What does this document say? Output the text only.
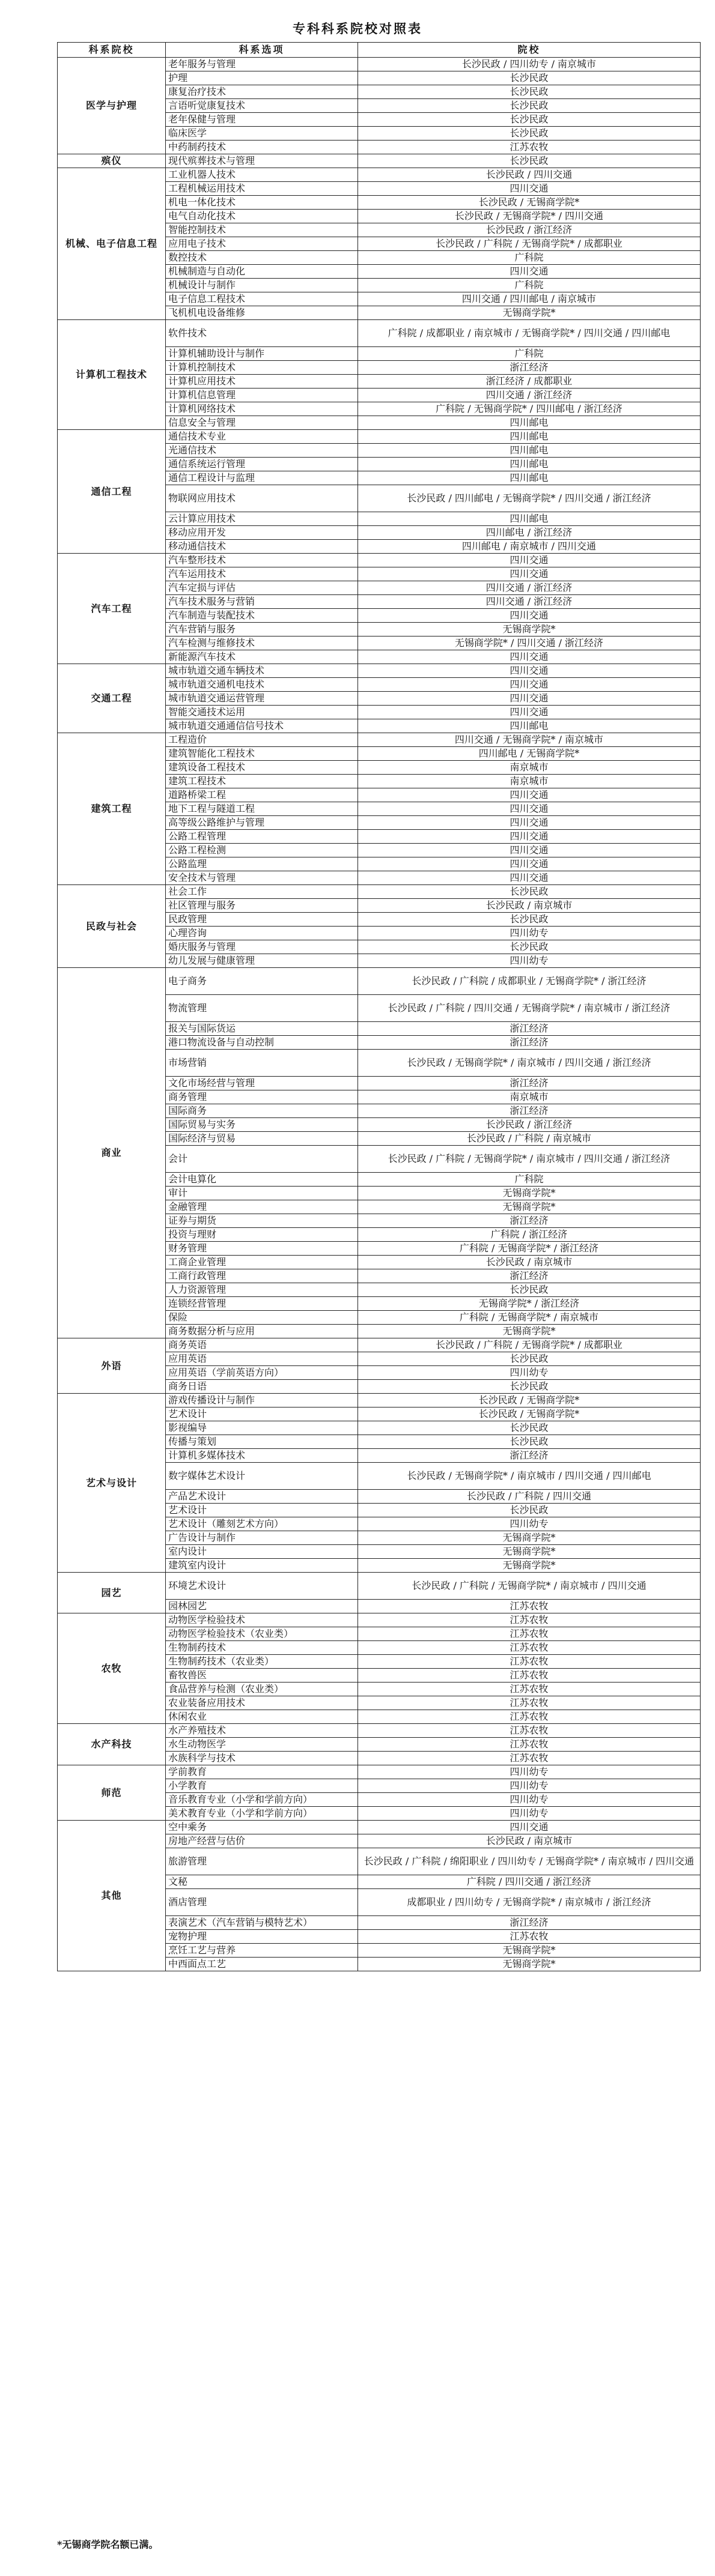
专科科系院校对照表
科系院校	科系选项	院校
医学与护理	老年服务与管理	长沙民政 / 四川幼专 / 南京城市
	护理	长沙民政
	康复治疗技术	长沙民政
	言语听觉康复技术	长沙民政
	老年保健与管理	长沙民政
	临床医学	长沙民政
	中药制药技术	江苏农牧
殡仪	现代殡葬技术与管理	长沙民政
机械、电子信息工程	工业机器人技术	长沙民政 / 四川交通
	工程机械运用技术	四川交通
	机电一体化技术	长沙民政 / 无锡商学院*
	电气自动化技术	长沙民政 / 无锡商学院* / 四川交通
	智能控制技术	长沙民政 / 浙江经济
	应用电子技术	长沙民政 / 广科院 / 无锡商学院* / 成都职业
	数控技术	广科院
	机械制造与自动化	四川交通
	机械设计与制作	广科院
	电子信息工程技术	四川交通 / 四川邮电 / 南京城市
	飞机机电设备维修	无锡商学院*
计算机工程技术	软件技术	广科院 / 成都职业 / 南京城市 / 无锡商学院* / 四川交通 / 四川邮电
	计算机辅助设计与制作	广科院
	计算机控制技术	浙江经济
	计算机应用技术	浙江经济 / 成都职业
	计算机信息管理	四川交通 / 浙江经济
	计算机网络技术	广科院 / 无锡商学院* / 四川邮电 / 浙江经济
	信息安全与管理	四川邮电
通信工程	通信技术专业	四川邮电
	光通信技术	四川邮电
	通信系统运行管理	四川邮电
	通信工程设计与监理	四川邮电
	物联网应用技术	长沙民政 / 四川邮电 / 无锡商学院* / 四川交通 / 浙江经济
	云计算应用技术	四川邮电
	移动应用开发	四川邮电 / 浙江经济
	移动通信技术	四川邮电 / 南京城市 / 四川交通
汽车工程	汽车整形技术	四川交通
	汽车运用技术	四川交通
	汽车定损与评估	四川交通 / 浙江经济
	汽车技术服务与营销	四川交通 / 浙江经济
	汽车制造与装配技术	四川交通
	汽车营销与服务	无锡商学院*
	汽车检测与维修技术	无锡商学院* / 四川交通 / 浙江经济
	新能源汽车技术	四川交通
交通工程	城市轨道交通车辆技术	四川交通
	城市轨道交通机电技术	四川交通
	城市轨道交通运营管理	四川交通
	智能交通技术运用	四川交通
	城市轨道交通通信信号技术	四川邮电
建筑工程	工程造价	四川交通 / 无锡商学院* / 南京城市
	建筑智能化工程技术	四川邮电 / 无锡商学院*
	建筑设备工程技术	南京城市
	建筑工程技术	南京城市
	道路桥梁工程	四川交通
	地下工程与隧道工程	四川交通
	高等级公路维护与管理	四川交通
	公路工程管理	四川交通
	公路工程检测	四川交通
	公路监理	四川交通
	安全技术与管理	四川交通
民政与社会	社会工作	长沙民政
	社区管理与服务	长沙民政 / 南京城市
	民政管理	长沙民政
	心理咨询	四川幼专
	婚庆服务与管理	长沙民政
	幼儿发展与健康管理	四川幼专
商业	电子商务	长沙民政 / 广科院 / 成都职业 / 无锡商学院* / 浙江经济
	物流管理	长沙民政 / 广科院 / 四川交通 / 无锡商学院* / 南京城市 / 浙江经济
	报关与国际货运	浙江经济
	港口物流设备与自动控制	浙江经济
	市场营销	长沙民政 / 无锡商学院* / 南京城市 / 四川交通 / 浙江经济
	文化市场经营与管理	浙江经济
	商务管理	南京城市
	国际商务	浙江经济
	国际贸易与实务	长沙民政 / 浙江经济
	国际经济与贸易	长沙民政 / 广科院 / 南京城市
	会计	长沙民政 / 广科院 / 无锡商学院* / 南京城市 / 四川交通 / 浙江经济
	会计电算化	广科院
	审计	无锡商学院*
	金融管理	无锡商学院*
	证券与期货	浙江经济
	投资与理财	广科院 / 浙江经济
	财务管理	广科院 / 无锡商学院* / 浙江经济
	工商企业管理	长沙民政 / 南京城市
	工商行政管理	浙江经济
	人力资源管理	长沙民政
	连锁经营管理	无锡商学院* / 浙江经济
	保险	广科院 / 无锡商学院* / 南京城市
	商务数据分析与应用	无锡商学院*
外语	商务英语	长沙民政 / 广科院 / 无锡商学院* / 成都职业
	应用英语	长沙民政
	应用英语（学前英语方向）	四川幼专
	商务日语	长沙民政
艺术与设计	游戏传播设计与制作	长沙民政 / 无锡商学院*
	艺术设计	长沙民政 / 无锡商学院*
	影视编导	长沙民政
	传播与策划	长沙民政
	计算机多媒体技术	浙江经济
	数字媒体艺术设计	长沙民政 / 无锡商学院* / 南京城市 / 四川交通 / 四川邮电
	产品艺术设计	长沙民政 / 广科院 / 四川交通
	艺术设计	长沙民政
	艺术设计（雕刻艺术方向）	四川幼专
	广告设计与制作	无锡商学院*
	室内设计	无锡商学院*
	建筑室内设计	无锡商学院*
园艺	环境艺术设计	长沙民政 / 广科院 / 无锡商学院* / 南京城市 / 四川交通
	园林园艺	江苏农牧
农牧	动物医学检验技术	江苏农牧
	动物医学检验技术（农业类）	江苏农牧
	生物制药技术	江苏农牧
	生物制药技术（农业类）	江苏农牧
	畜牧兽医	江苏农牧
	食品营养与检测（农业类）	江苏农牧
	农业装备应用技术	江苏农牧
	休闲农业	江苏农牧
水产科技	水产养殖技术	江苏农牧
	水生动物医学	江苏农牧
	水族科学与技术	江苏农牧
师范	学前教育	四川幼专
	小学教育	四川幼专
	音乐教育专业（小学和学前方向）	四川幼专
	美术教育专业（小学和学前方向）	四川幼专
其他	空中乘务	四川交通
	房地产经营与估价	长沙民政 / 南京城市
	旅游管理	长沙民政 / 广科院 / 绵阳职业 / 四川幼专 / 无锡商学院* / 南京城市 / 四川交通
	文秘	广科院 / 四川交通 / 浙江经济
	酒店管理	成都职业 / 四川幼专 / 无锡商学院* / 南京城市 / 浙江经济
	表演艺术（汽车营销与模特艺术）	浙江经济
	宠物护理	江苏农牧
	烹饪工艺与营养	无锡商学院*
	中西面点工艺	无锡商学院*
*无锡商学院名额已满。
